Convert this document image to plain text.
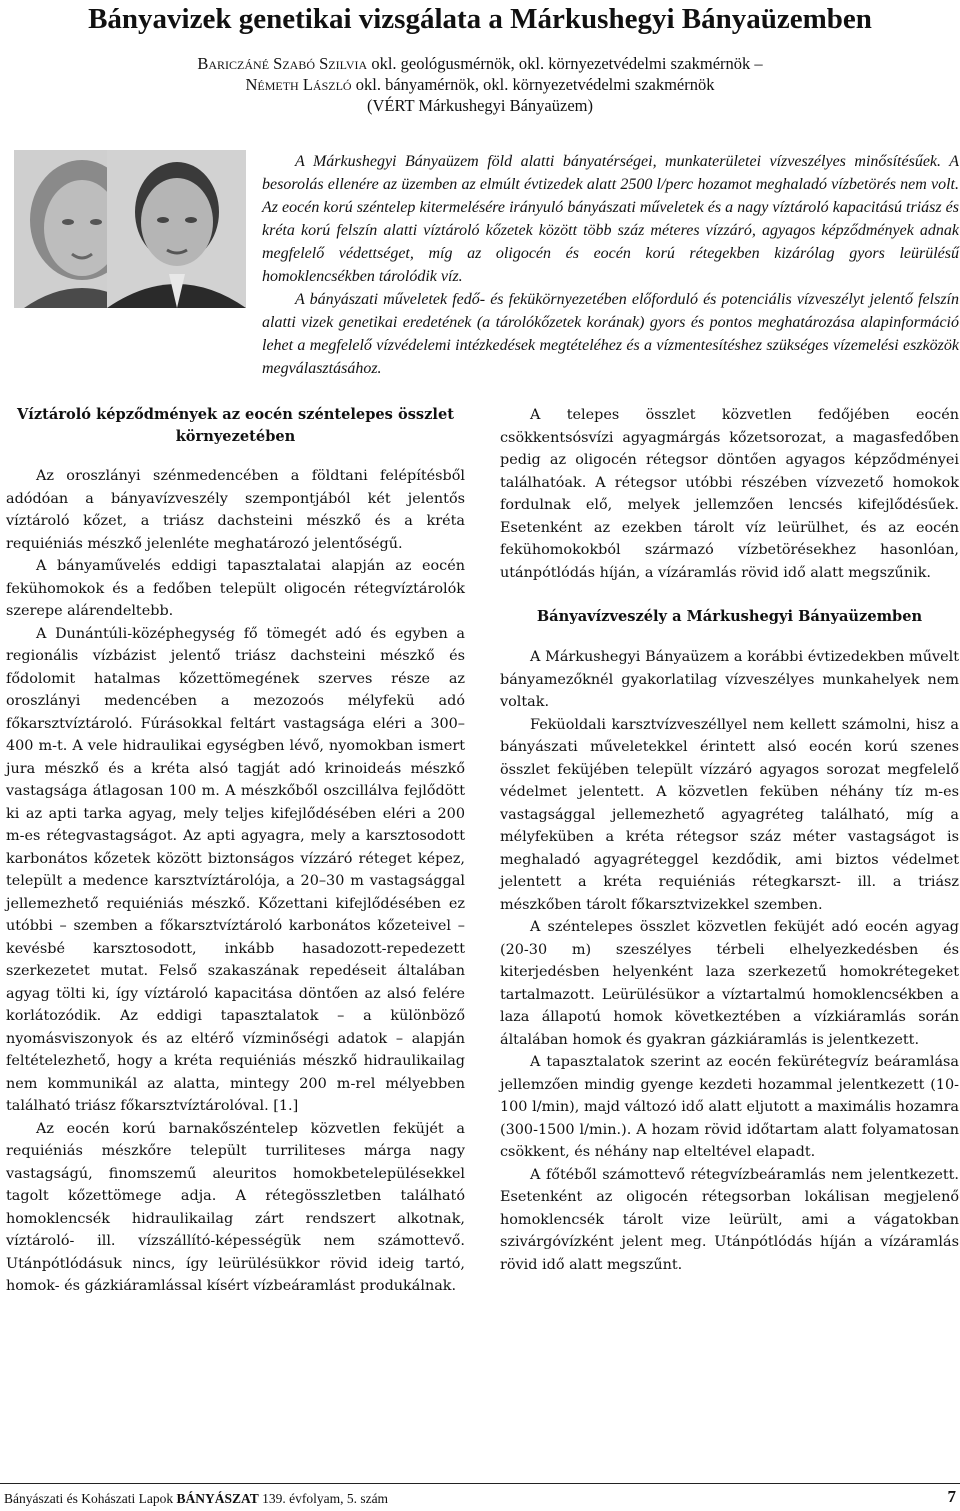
Bányavizek genetikai vizsgálata a Márkushegyi Bányaüzemben
Bariczáné Szabó Szilvia okl. geológusmérnök, okl. környezetvédelmi szakmérnök –
Németh László okl. bányamérnök, okl. környezetvédelmi szakmérnök
(VÉRT Márkushegyi Bányaüzem)

A Márkushegyi Bányaüzem föld alatti bányatérségei, munkaterületei vízveszélyes minősítésűek. A besorolás ellenére az üzemben az elmúlt évtizedek alatt 2500 l/perc hozamot meghaladó vízbetörés nem volt. Az eocén korú széntelep kitermelésére irányuló bányászati műveletek és a nagy víztároló kapacitású triász és kréta korú felszín alatti víztároló kőzetek között több száz méteres vízzáró, agyagos képződmények adnak megfelelő védettséget, míg az oligocén és eocén korú rétegekben kizárólag gyors leürülésű homoklencsékben tárolódik víz.

A bányászati műveletek fedő- és fekükörnyezetében előforduló és potenciális vízveszélyt jelentő felszín alatti vizek genetikai eredetének (a tárolókőzetek korának) gyors és pontos meghatározása alapinformáció lehet a megfelelő vízvédelemi intézkedések megtételéhez és a vízmentesítéshez szükséges vízemelési eszközök megválasztásához.

Víztároló képződmények az eocén széntelepes összlet környezetében

Az oroszlányi szénmedencében a földtani felépítésből adódóan a bányavízveszély szempontjából két jelentős víztároló kőzet, a triász dachsteini mészkő és a kréta requiéniás mészkő jelenléte meghatározó jelentőségű.

A bányaművelés eddigi tapasztalatai alapján az eocén fekühomokok és a fedőben települt oligocén rétegvíztárolók szerepe alárendeltebb.

A Dunántúli-középhegység fő tömegét adó és egyben a regionális vízbázist jelentő triász dachsteini mészkő és fődolomit hatalmas kőzettömegének szerves része az oroszlányi medencében a mezozoós mélyfekü adó főkarsztvíztároló. Fúrásokkal feltárt vastagsága eléri a 300–400 m-t. A vele hidraulikai egységben lévő, nyomokban ismert jura mészkő és a kréta alsó tagját adó krinoideás mészkő vastagsága átlagosan 100 m. A mészkőből oszcillálva fejlődött ki az apti tarka agyag, mely teljes kifejlődésében eléri a 200 m-es rétegvastagságot. Az apti agyagra, mely a karsztosodott karbonátos kőzetek között biztonságos vízzáró réteget képez, települt a medence karsztvíztárolója, a 20–30 m vastagsággal jellemezhető requiéniás mészkő. Kőzettani kifejlődésében ez utóbbi – szemben a főkarsztvíztároló karbonátos kőzeteivel – kevésbé karsztosodott, inkább hasadozott-repedezett szerkezetet mutat. Felső szakaszának repedéseit általában agyag tölti ki, így víztároló kapacitása döntően az alsó felére korlátozódik. Az eddigi tapasztalatok – a különböző nyomásviszonyok és az eltérő vízminőségi adatok – alapján feltételezhető, hogy a kréta requiéniás mészkő hidraulikailag nem kommunikál az alatta, mintegy 200 m-rel mélyebben található triász főkarsztvíztárolóval. [1.]

Az eocén korú barnakőszéntelep közvetlen feküjét a requiéniás mészkőre települt turriliteses márga nagy vastagságú, finomszemű aleuritos homokbetelepülésekkel tagolt kőzettömege adja. A rétegösszletben található homoklencsék hidraulikailag zárt rendszert alkotnak, víztároló- ill. vízszállító-képességük nem számottevő. Utánpótlódásuk nincs, így leürülésükkor rövid ideig tartó, homok- és gázkiáramlással kísért vízbeáramlást produkálnak.

A telepes összlet közvetlen fedőjében eocén csökkentsósvízi agyagmárgás kőzetsorozat, a magasfedőben pedig az oligocén rétegsor döntően agyagos képződményei találhatóak. A rétegsor utóbbi részében vízvezető homokok fordulnak elő, melyek jellemzően lencsés kifejlődésűek. Esetenként az ezekben tárolt víz leürülhet, és az eocén fekühomokokból származó vízbetörésekhez hasonlóan, utánpótlódás híján, a vízáramlás rövid idő alatt megszűnik.

Bányavízveszély a Márkushegyi Bányaüzemben

A Márkushegyi Bányaüzem a korábbi évtizedekben művelt bányamezőknél gyakorlatilag vízveszélyes munkahelyek nem voltak.

Feküoldali karsztvízveszéllyel nem kellett számolni, hisz a bányászati műveletekkel érintett alsó eocén korú szenes összlet feküjében települt vízzáró agyagos sorozat megfelelő védelmet jelentett. A közvetlen feküben néhány tíz m-es vastagsággal jellemezhető agyagréteg található, míg a mélyfeküben a kréta rétegsor száz méter vastagságot is meghaladó agyagréteggel kezdődik, ami biztos védelmet jelentett a kréta requiéniás rétegkarszt- ill. a triász mészkőben tárolt főkarsztvizekkel szemben.

A széntelepes összlet közvetlen feküjét adó eocén agyag (20-30 m) szeszélyes térbeli elhelyezkedésben és kiterjedésben helyenként laza szerkezetű homokrétegeket tartalmazott. Leürülésükor a víztartalmú homoklencsékben a laza állapotú homok következtében a vízkiáramlás során általában homok és gyakran gázkiáramlás is jelentkezett.

A tapasztalatok szerint az eocén fekürétegvíz beáramlása jellemzően mindig gyenge kezdeti hozammal jelentkezett (10-100 l/min), majd változó idő alatt eljutott a maximális hozamra (300-1500 l/min.). A hozam rövid időtartam alatt folyamatosan csökkent, és néhány nap elteltével elapadt.

A főtéből számottevő rétegvízbeáramlás nem jelentkezett. Esetenként az oligocén rétegsorban lokálisan megjelenő homoklencsék tárolt vize leürült, ami a vágatokban szivárgóvízként jelent meg. Utánpótlódás híján a vízáramlás rövid idő alatt megszűnt.

Bányászati és Kohászati Lapok BÁNYÁSZAT 139. évfolyam, 5. szám	7
